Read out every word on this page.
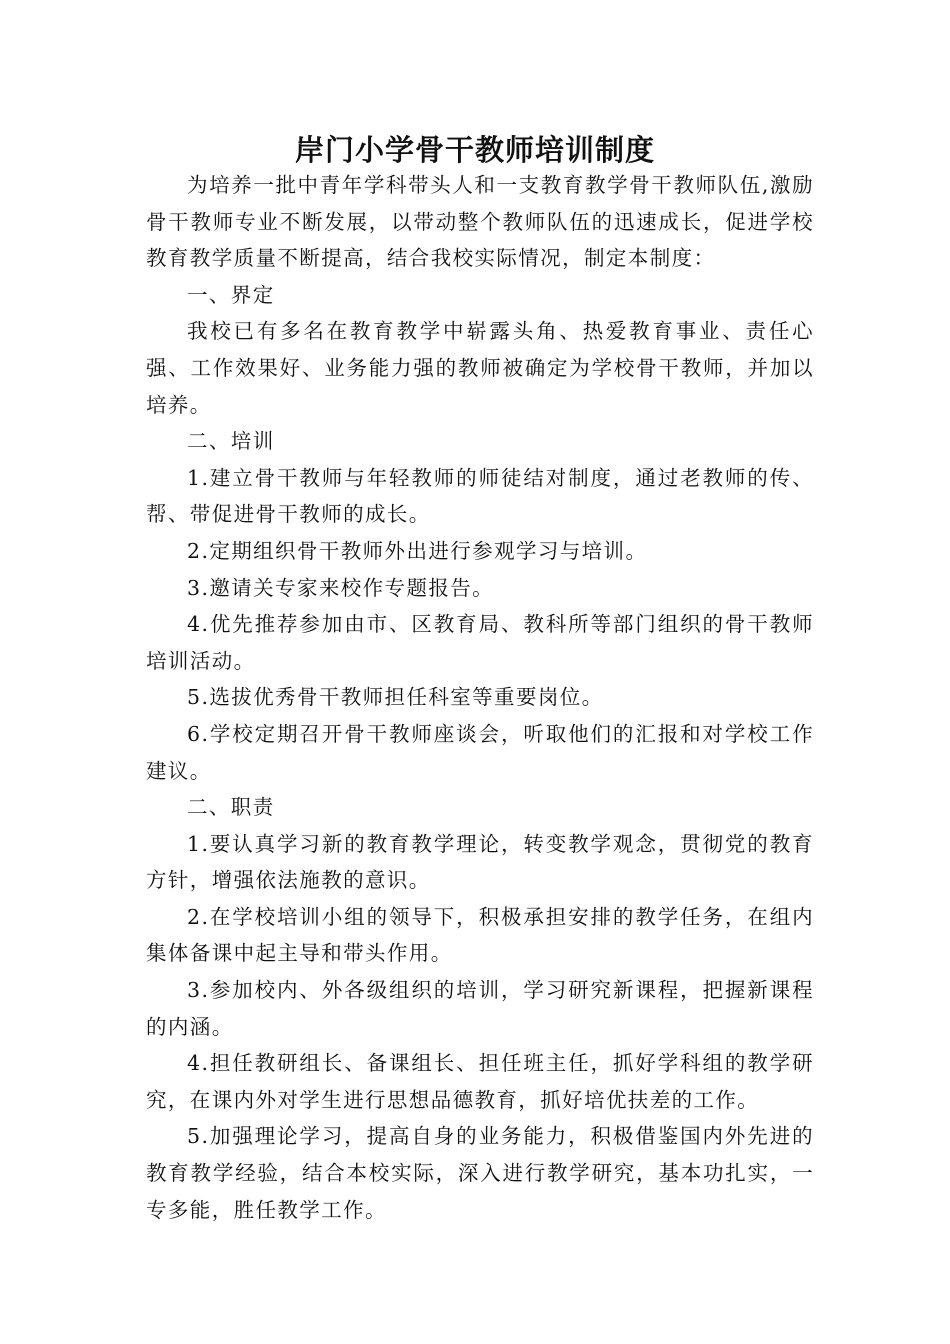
岸门小学骨干教师培训制度

为培养一批中青年学科带头人和一支教育教学骨干教师队伍,激励骨干教师专业不断发展，以带动整个教师队伍的迅速成长，促进学校教育教学质量不断提高，结合我校实际情况，制定本制度：

一、界定

我校已有多名在教育教学中崭露头角、热爱教育事业、责任心强、工作效果好、业务能力强的教师被确定为学校骨干教师，并加以培养。

二、培训

1.建立骨干教师与年轻教师的师徒结对制度，通过老教师的传、帮、带促进骨干教师的成长。

2.定期组织骨干教师外出进行参观学习与培训。

3.邀请关专家来校作专题报告。

4.优先推荐参加由市、区教育局、教科所等部门组织的骨干教师培训活动。

5.选拔优秀骨干教师担任科室等重要岗位。

6.学校定期召开骨干教师座谈会，听取他们的汇报和对学校工作建议。

二、职责

1.要认真学习新的教育教学理论，转变教学观念，贯彻党的教育方针，增强依法施教的意识。

2.在学校培训小组的领导下，积极承担安排的教学任务，在组内集体备课中起主导和带头作用。

3.参加校内、外各级组织的培训，学习研究新课程，把握新课程的内涵。

4.担任教研组长、备课组长、担任班主任，抓好学科组的教学研究，在课内外对学生进行思想品德教育，抓好培优扶差的工作。

5.加强理论学习，提高自身的业务能力，积极借鉴国内外先进的教育教学经验，结合本校实际，深入进行教学研究，基本功扎实，一专多能，胜任教学工作。
